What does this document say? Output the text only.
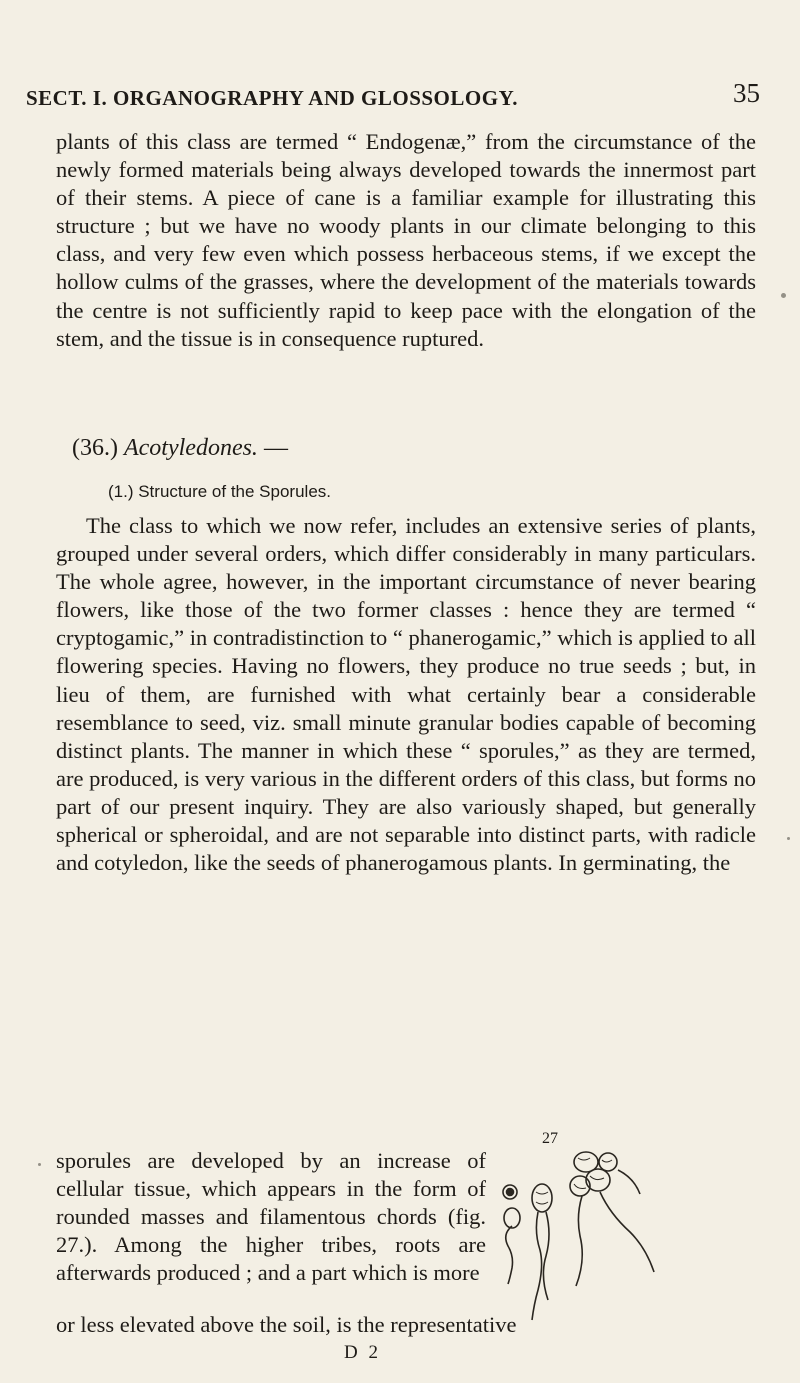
SECT. I. ORGANOGRAPHY AND GLOSSOLOGY.	35

plants of this class are termed “ Endogenæ,” from the circumstance of the newly formed materials being always developed towards the innermost part of their stems. A piece of cane is a familiar example for illustrating this structure ; but we have no woody plants in our climate belonging to this class, and very few even which possess herbaceous stems, if we except the hollow culms of the grasses, where the development of the materials towards the centre is not sufficiently rapid to keep pace with the elongation of the stem, and the tissue is in consequence ruptured.

(36.) Acotyledones. —
(1.) Structure of the Sporules.

The class to which we now refer, includes an extensive series of plants, grouped under several orders, which differ considerably in many particulars. The whole agree, however, in the important circumstance of never bearing flowers, like those of the two former classes : hence they are termed “ cryptogamic,” in contradistinction to “ phanerogamic,” which is applied to all flowering species. Having no flowers, they produce no true seeds ; but, in lieu of them, are furnished with what certainly bear a considerable resemblance to seed, viz. small minute granular bodies capable of becoming distinct plants. The manner in which these “ sporules,” as they are termed, are produced, is very various in the different orders of this class, but forms no part of our present inquiry. They are also variously shaped, but generally spherical or spheroidal, and are not separable into distinct parts, with radicle and cotyledon, like the seeds of phanerogamous plants. In germinating, the

sporules are developed by an increase of cellular tissue, which appears in the form of rounded masses and filamentous chords (fig. 27.). Among the higher tribes, roots are afterwards produced ; and a part which is more

or less elevated above the soil, is the representative
D 2
27
